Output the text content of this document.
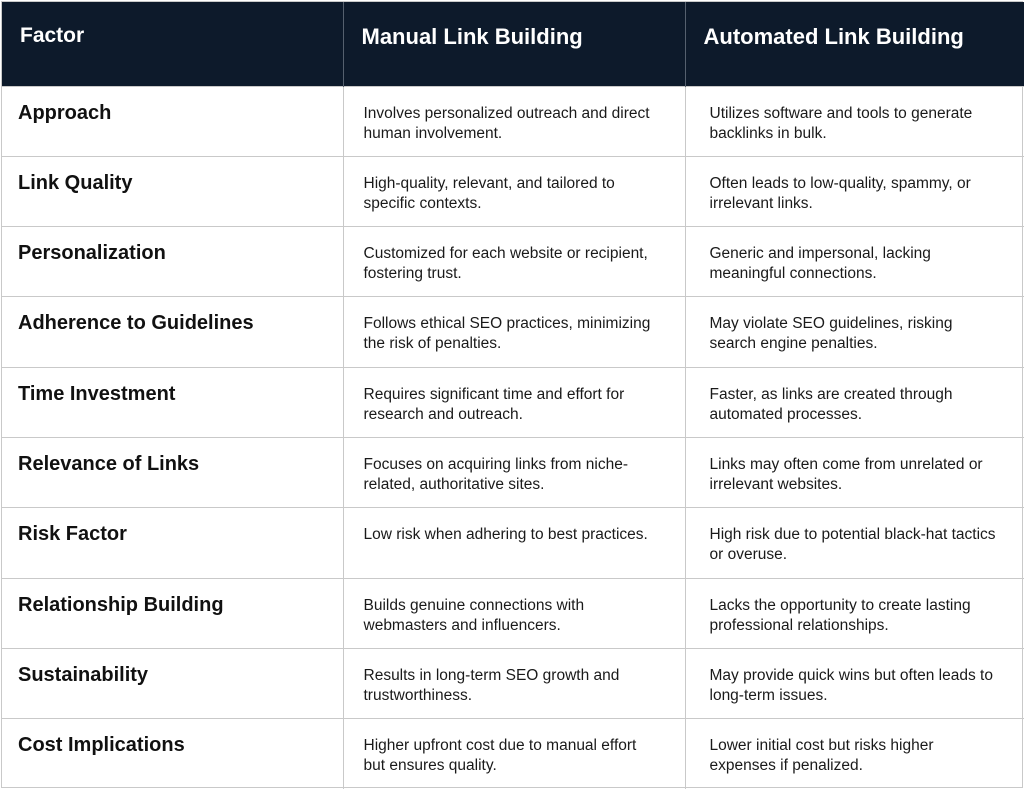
Factor	Manual Link Building	Automated Link Building
Approach	Involves personalized outreach and direct human involvement.	Utilizes software and tools to generate backlinks in bulk.
Link Quality	High-quality, relevant, and tailored to specific contexts.	Often leads to low-quality, spammy, or irrelevant links.
Personalization	Customized for each website or recipient, fostering trust.	Generic and impersonal, lacking meaningful connections.
Adherence to Guidelines	Follows ethical SEO practices, minimizing the risk of penalties.	May violate SEO guidelines, risking search engine penalties.
Time Investment	Requires significant time and effort for research and outreach.	Faster, as links are created through automated processes.
Relevance of Links	Focuses on acquiring links from niche-related, authoritative sites.	Links may often come from unrelated or irrelevant websites.
Risk Factor	Low risk when adhering to best practices.	High risk due to potential black-hat tactics or overuse.
Relationship Building	Builds genuine connections with webmasters and influencers.	Lacks the opportunity to create lasting professional relationships.
Sustainability	Results in long-term SEO growth and trustworthiness.	May provide quick wins but often leads to long-term issues.
Cost Implications	Higher upfront cost due to manual effort but ensures quality.	Lower initial cost but risks higher expenses if penalized.
